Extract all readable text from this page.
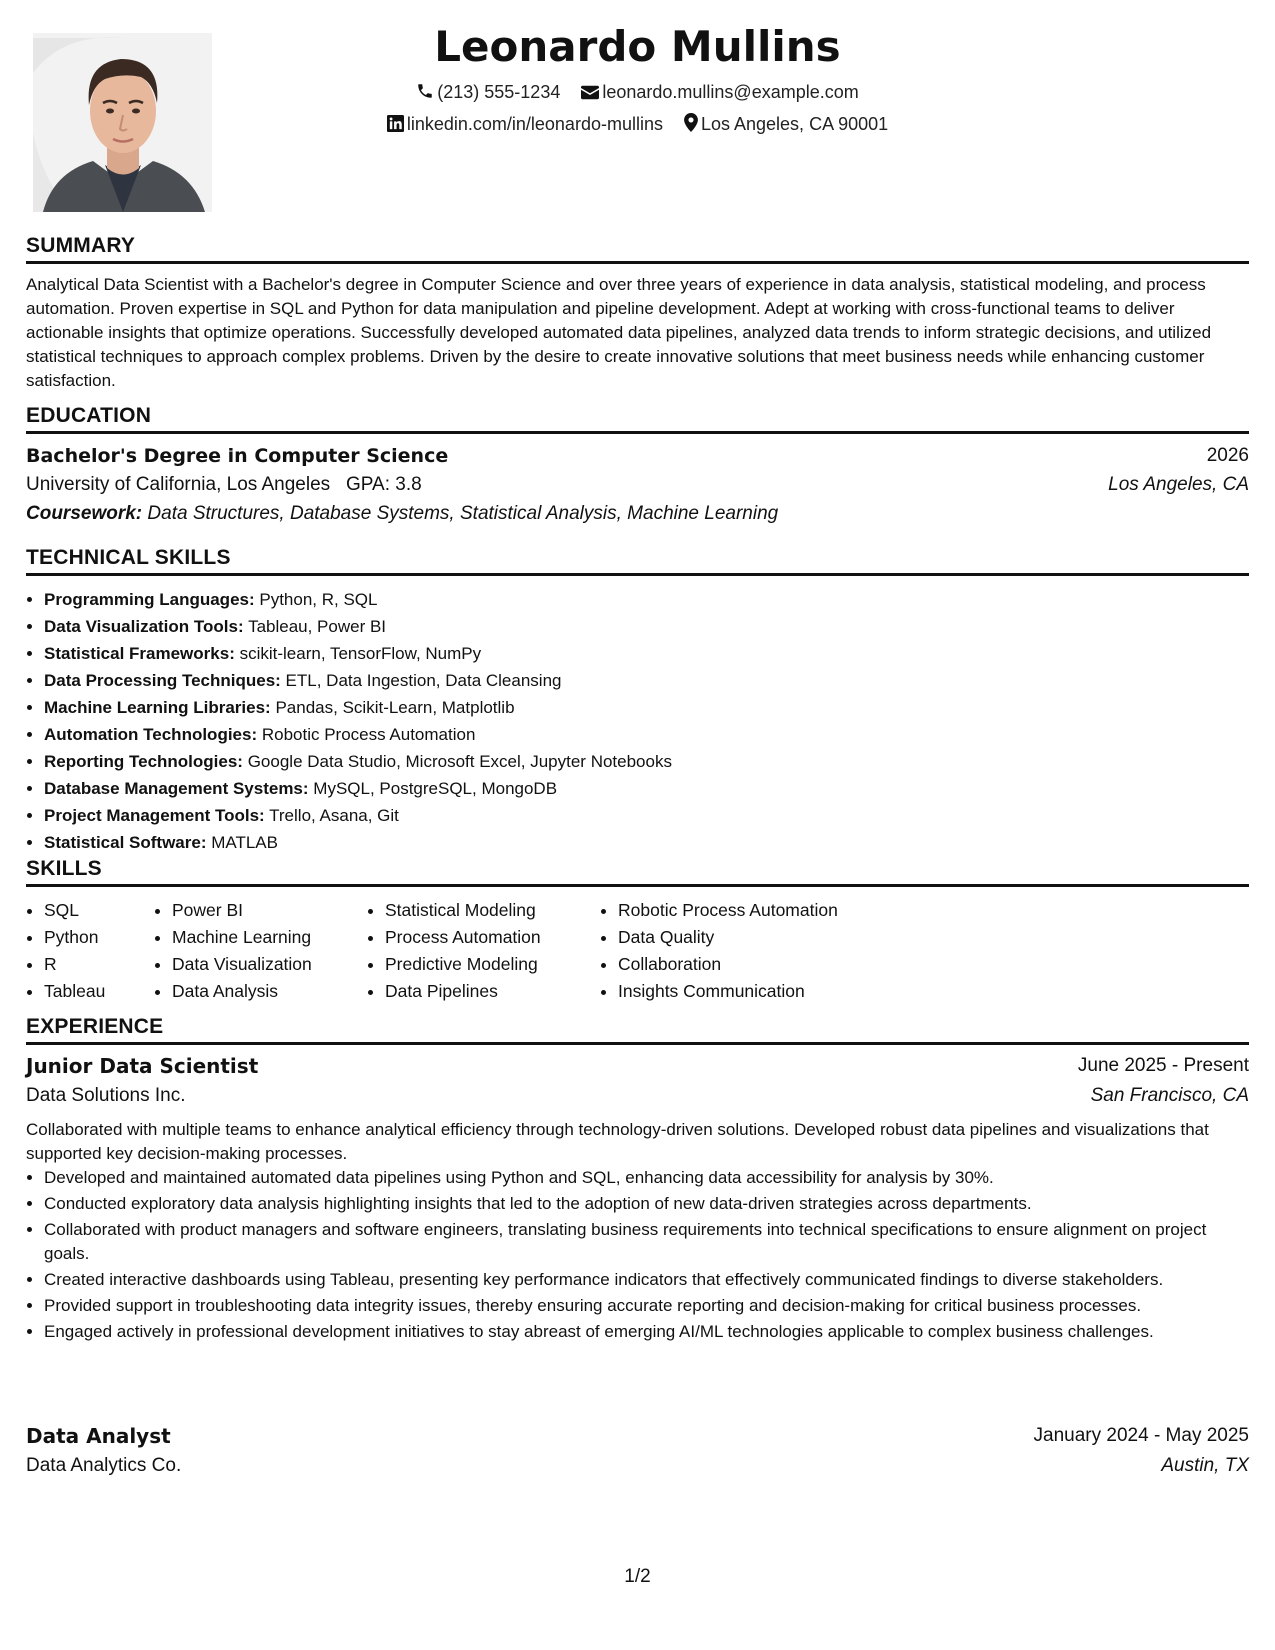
Leonardo Mullins
(213) 555-1234 leonardo.mullins@example.com
linkedin.com/in/leonardo-mullins Los Angeles, CA 90001
SUMMARY

Analytical Data Scientist with a Bachelor's degree in Computer Science and over three years of experience in data analysis, statistical modeling, and process automation. Proven expertise in SQL and Python for data manipulation and pipeline development. Adept at working with cross-functional teams to deliver actionable insights that optimize operations. Successfully developed automated data pipelines, analyzed data trends to inform strategic decisions, and utilized statistical techniques to approach complex problems. Driven by the desire to create innovative solutions that meet business needs while enhancing customer satisfaction.

EDUCATION
Bachelor's Degree in Computer Science	2026
University of California, Los Angeles GPA: 3.8	Los Angeles, CA
Coursework: Data Structures, Database Systems, Statistical Analysis, Machine Learning
TECHNICAL SKILLS
• Programming Languages: Python, R, SQL
• Data Visualization Tools: Tableau, Power BI
• Statistical Frameworks: scikit-learn, TensorFlow, NumPy
• Data Processing Techniques: ETL, Data Ingestion, Data Cleansing
• Machine Learning Libraries: Pandas, Scikit-Learn, Matplotlib
• Automation Technologies: Robotic Process Automation
• Reporting Technologies: Google Data Studio, Microsoft Excel, Jupyter Notebooks
• Database Management Systems: MySQL, PostgreSQL, MongoDB
• Project Management Tools: Trello, Asana, Git
• Statistical Software: MATLAB
SKILLS
• SQL
• Python
• R
• Tableau
• Power BI
• Machine Learning
• Data Visualization
• Data Analysis
• Statistical Modeling
• Process Automation
• Predictive Modeling
• Data Pipelines
• Robotic Process Automation
• Data Quality
• Collaboration
• Insights Communication
EXPERIENCE
Junior Data Scientist	June 2025 - Present
Data Solutions Inc.	San Francisco, CA

Collaborated with multiple teams to enhance analytical efficiency through technology-driven solutions. Developed robust data pipelines and visualizations that supported key decision-making processes.

• Developed and maintained automated data pipelines using Python and SQL, enhancing data accessibility for analysis by 30%.
• Conducted exploratory data analysis highlighting insights that led to the adoption of new data-driven strategies across departments.
• Collaborated with product managers and software engineers, translating business requirements into technical specifications to ensure alignment on project goals.
• Created interactive dashboards using Tableau, presenting key performance indicators that effectively communicated findings to diverse stakeholders.
• Provided support in troubleshooting data integrity issues, thereby ensuring accurate reporting and decision-making for critical business processes.
• Engaged actively in professional development initiatives to stay abreast of emerging AI/ML technologies applicable to complex business challenges.
Data Analyst	January 2024 - May 2025
Data Analytics Co.	Austin, TX
1/2
